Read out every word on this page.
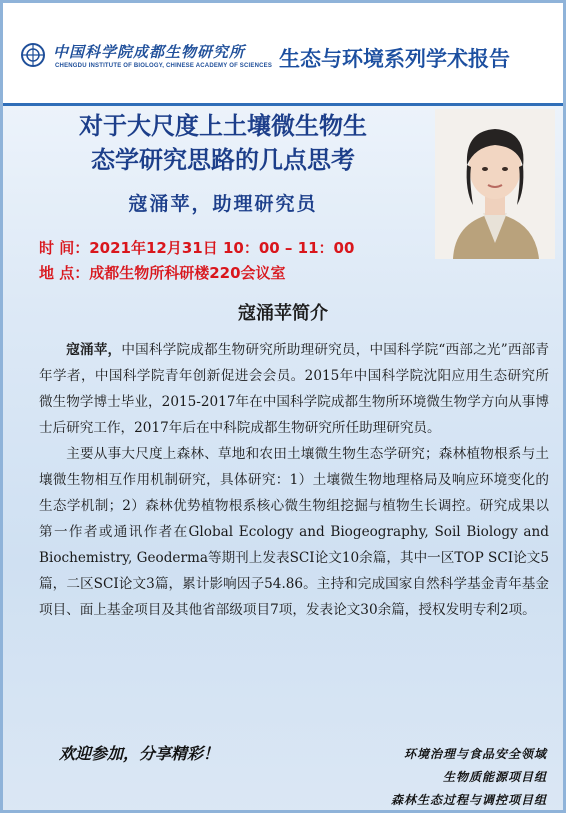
中国科学院成都生物研究所
CHENGDU INSTITUTE OF BIOLOGY, CHINESE ACADEMY OF SCIENCES 生态与环境系列学术报告
对于大尺度上土壤微生物生
态学研究思路的几点思考
寇涌苹，助理研究员
时 间：2021年12月31日 10：00 – 11：00
地 点：成都生物所科研楼220会议室
寇涌苹简介

寇涌苹，中国科学院成都生物研究所助理研究员，中国科学院“西部之光”西部青年学者，中国科学院青年创新促进会会员。2015年中国科学院沈阳应用生态研究所微生物学博士毕业，2015-2017年在中国科学院成都生物所环境微生物学方向从事博士后研究工作，2017年后在中科院成都生物研究所任助理研究员。

主要从事大尺度上森林、草地和农田土壤微生物生态学研究；森林植物根系与土壤微生物相互作用机制研究，具体研究：1）土壤微生物地理格局及响应环境变化的生态学机制；2）森林优势植物根系核心微生物组挖掘与植物生长调控。研究成果以第一作者或通讯作者在Global Ecology and Biogeography, Soil Biology and Biochemistry, Geoderma等期刊上发表SCI论文10余篇，其中一区TOP SCI论文5篇，二区SCI论文3篇，累计影响因子54.86。主持和完成国家自然科学基金青年基金项目、面上基金项目及其他省部级项目7项，发表论文30余篇，授权发明专利2项。

欢迎参加，分享精彩！	环境治理与食品安全领域
生物质能源项目组
森林生态过程与调控项目组
